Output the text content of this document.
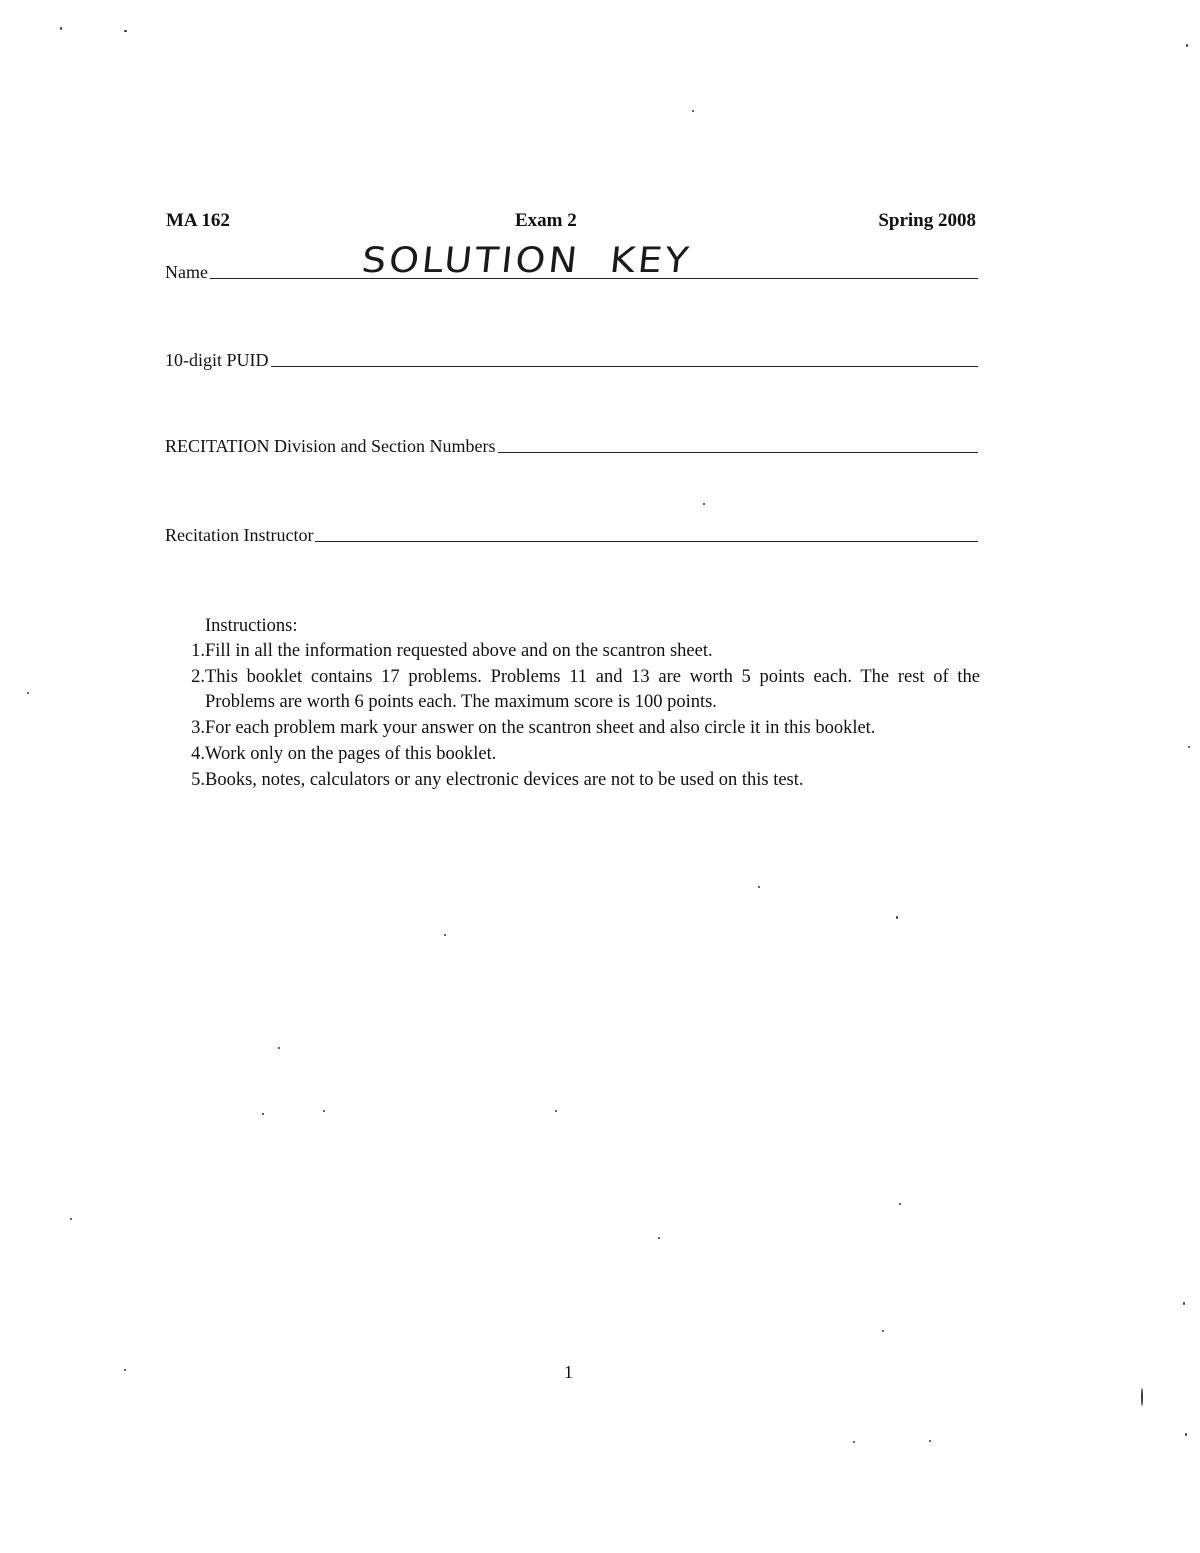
MA 162	Exam 2	Spring 2008
Name	SOLUTION  KEY
10-digit PUID
RECITATION Division and Section Numbers
Recitation Instructor
Instructions:
1. Fill in all the information requested above and on the scantron sheet.
2. This booklet contains 17 problems. Problems 11 and 13 are worth 5 points each. The rest of the Problems are worth 6 points each. The maximum score is 100 points.
3. For each problem mark your answer on the scantron sheet and also circle it in this booklet.
4. Work only on the pages of this booklet.
5. Books, notes, calculators or any electronic devices are not to be used on this test.
1
